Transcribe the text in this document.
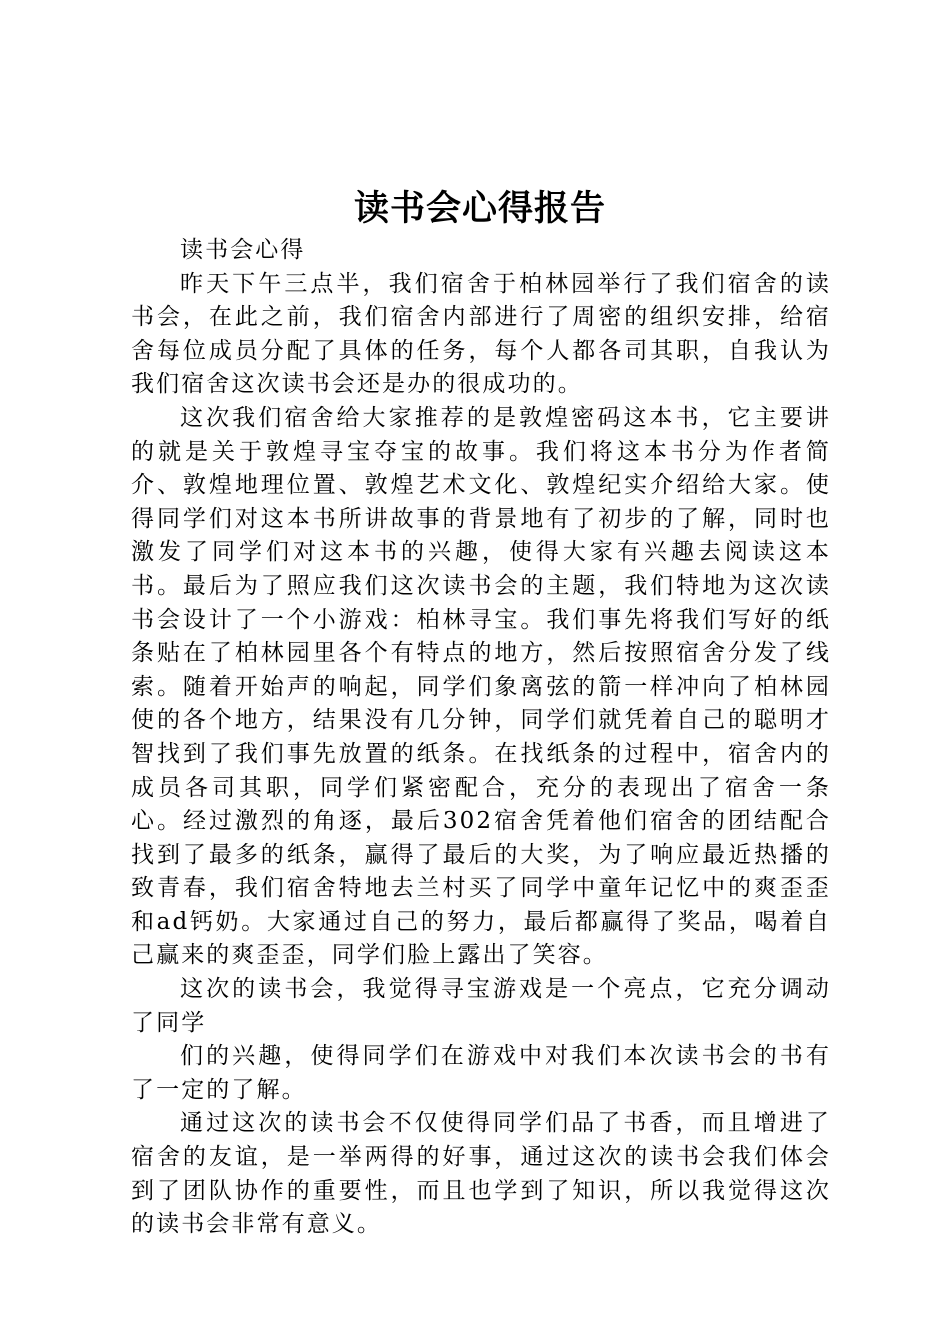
读书会心得报告

读书会心得

昨天下午三点半，我们宿舍于柏林园举行了我们宿舍的读书会，在此之前，我们宿舍内部进行了周密的组织安排，给宿舍每位成员分配了具体的任务，每个人都各司其职，自我认为我们宿舍这次读书会还是办的很成功的。

这次我们宿舍给大家推荐的是敦煌密码这本书，它主要讲的就是关于敦煌寻宝夺宝的故事。我们将这本书分为作者简介、敦煌地理位置、敦煌艺术文化、敦煌纪实介绍给大家。使得同学们对这本书所讲故事的背景地有了初步的了解，同时也激发了同学们对这本书的兴趣，使得大家有兴趣去阅读这本书。最后为了照应我们这次读书会的主题，我们特地为这次读书会设计了一个小游戏：柏林寻宝。我们事先将我们写好的纸条贴在了柏林园里各个有特点的地方，然后按照宿舍分发了线索。随着开始声的响起，同学们象离弦的箭一样冲向了柏林园使的各个地方，结果没有几分钟，同学们就凭着自己的聪明才智找到了我们事先放置的纸条。在找纸条的过程中，宿舍内的成员各司其职，同学们紧密配合，充分的表现出了宿舍一条心。经过激烈的角逐，最后302宿舍凭着他们宿舍的团结配合找到了最多的纸条，赢得了最后的大奖，为了响应最近热播的致青春，我们宿舍特地去兰村买了同学中童年记忆中的爽歪歪和ad钙奶。大家通过自己的努力，最后都赢得了奖品，喝着自己赢来的爽歪歪，同学们脸上露出了笑容。

这次的读书会，我觉得寻宝游戏是一个亮点，它充分调动了同学

们的兴趣，使得同学们在游戏中对我们本次读书会的书有了一定的了解。

通过这次的读书会不仅使得同学们品了书香，而且增进了宿舍的友谊，是一举两得的好事，通过这次的读书会我们体会到了团队协作的重要性，而且也学到了知识，所以我觉得这次的读书会非常有意义。
